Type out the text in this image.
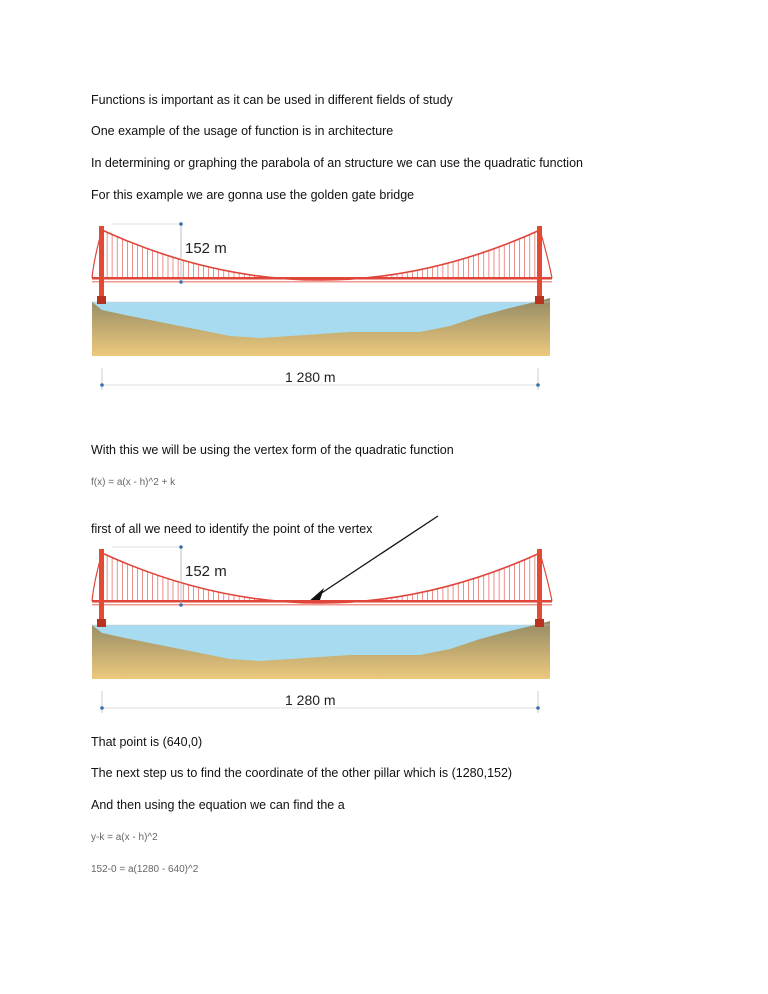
Functions is important as it can be used in different fields of study
One example of the usage of function is in architecture
In determining or graphing the parabola of an structure we can use the quadratic function
For this example we are gonna use the golden gate bridge
152 m
1 280 m
With this we will be using the vertex form of the quadratic function
f(x) = a(x - h)^2 + k
first of all we need to identify the point of the vertex
152 m
1 280 m
That point is (640,0)
The next step us to find the coordinate of the other pillar which is (1280,152)
And then using the equation we can find the a
y-k = a(x - h)^2
152-0 = a(1280 - 640)^2
